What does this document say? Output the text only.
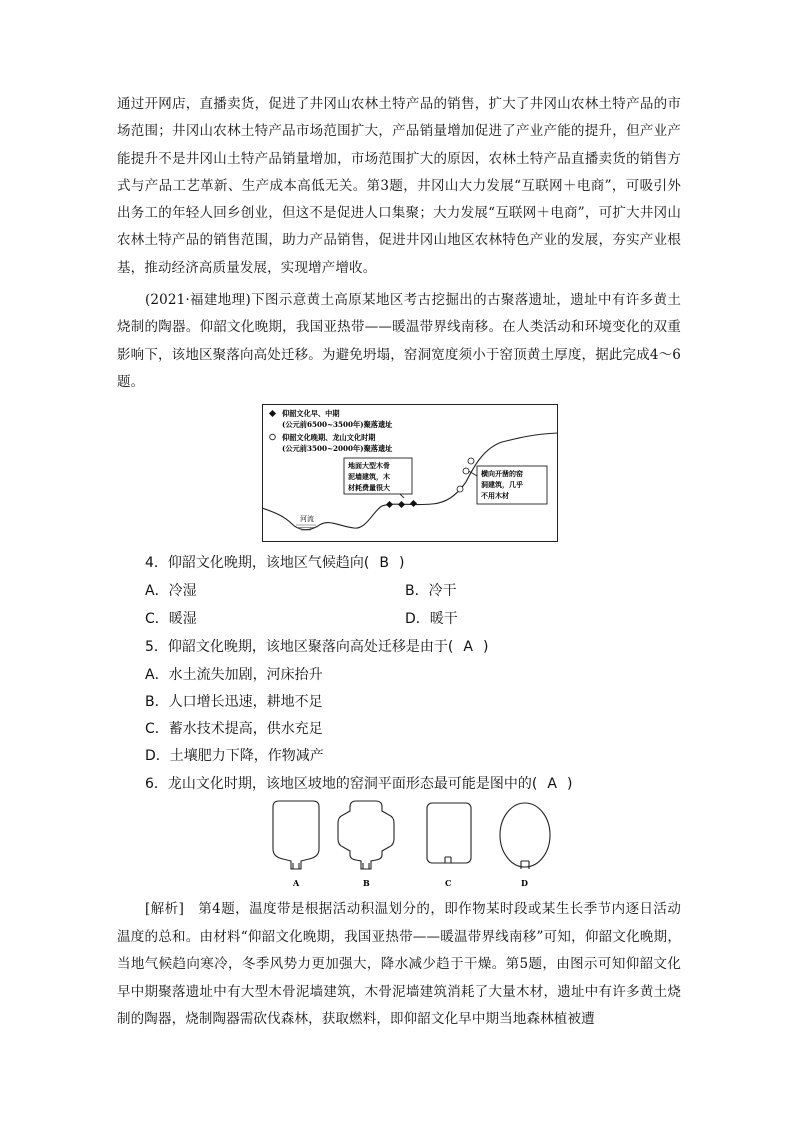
通过开网店，直播卖货，促进了井冈山农林土特产品的销售，扩大了井冈山农林土特产品的市场范围；井冈山农林土特产品市场范围扩大，产品销量增加促进了产业产能的提升，但产业产能提升不是井冈山土特产品销量增加，市场范围扩大的原因，农林土特产品直播卖货的销售方式与产品工艺革新、生产成本高低无关。第3题，井冈山大力发展“互联网＋电商”，可吸引外出务工的年轻人回乡创业，但这不是促进人口集聚；大力发展“互联网＋电商”，可扩大井冈山农林土特产品的销售范围，助力产品销售，促进井冈山地区农林特色产业的发展，夯实产业根基，推动经济高质量发展，实现增产增收。
(2021·福建地理)下图示意黄土高原某地区考古挖掘出的古聚落遗址，遗址中有许多黄土烧制的陶器。仰韶文化晚期，我国亚热带——暖温带界线南移。在人类活动和环境变化的双重影响下，该地区聚落向高处迁移。为避免坍塌，窑洞宽度须小于窑顶黄土厚度，据此完成4～6题。
河流
仰韶文化早、中期
(公元前6500~3500年)聚落遗址
仰韶文化晚期、龙山文化时期
(公元前3500~2000年)聚落遗址
地面大型木骨
泥墙建筑，木
材耗费量很大
横向开凿的窑
洞建筑，几乎
不用木材
4．仰韶文化晚期，该地区气候趋向( B )
A．冷湿	B．冷干
C．暖湿	D．暖干
5．仰韶文化晚期，该地区聚落向高处迁移是由于( A )
A．水土流失加剧，河床抬升
B．人口增长迅速，耕地不足
C．蓄水技术提高，供水充足
D．土壤肥力下降，作物减产
6．龙山文化时期，该地区坡地的窑洞平面形态最可能是图中的( A )
A	B	C	D
[解析]　第4题，温度带是根据活动积温划分的，即作物某时段或某生长季节内逐日活动温度的总和。由材料“仰韶文化晚期，我国亚热带——暖温带界线南移”可知，仰韶文化晚期，当地气候趋向寒冷，冬季风势力更加强大，降水减少趋于干燥。第5题，由图示可知仰韶文化早中期聚落遗址中有大型木骨泥墙建筑，木骨泥墙建筑消耗了大量木材，遗址中有许多黄土烧制的陶器，烧制陶器需砍伐森林，获取燃料，即仰韶文化早中期当地森林植被遭
